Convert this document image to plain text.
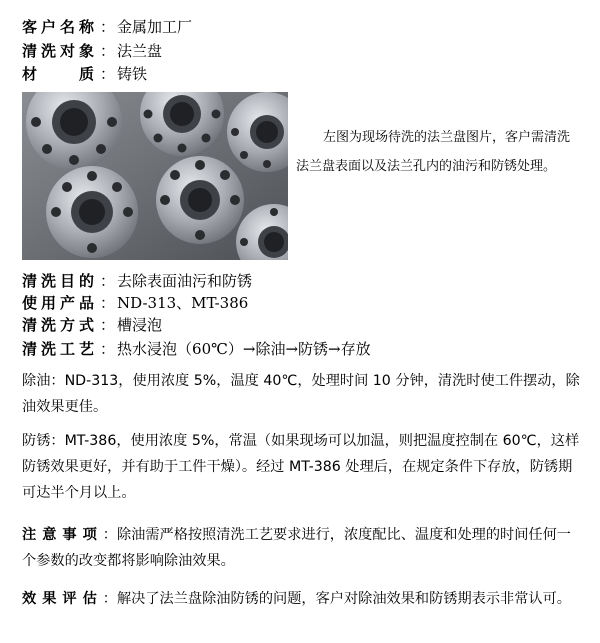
客户名称 ： 金属加工厂
清洗对象 ： 法兰盘
材　　质 ： 铸铁
左图为现场待洗的法兰盘图片，客户需清洗法兰盘表面以及法兰孔内的油污和防锈处理。
清洗目的 ： 去除表面油污和防锈
使用产品 ： ND-313、MT-386
清洗方式 ： 槽浸泡
清洗工艺 ： 热水浸泡（60℃）→除油→防锈→存放
除油：ND-313，使用浓度 5%，温度 40℃，处理时间 10 分钟，清洗时使工件摆动，除油效果更佳。
防锈：MT-386，使用浓度 5%，常温（如果现场可以加温，则把温度控制在 60℃，这样防锈效果更好，并有助于工件干燥）。经过 MT-386 处理后，在规定条件下存放，防锈期可达半个月以上。
注意事项：除油需严格按照清洗工艺要求进行，浓度配比、温度和处理的时间任何一个参数的改变都将影响除油效果。
效果评估：解决了法兰盘除油防锈的问题，客户对除油效果和防锈期表示非常认可。
